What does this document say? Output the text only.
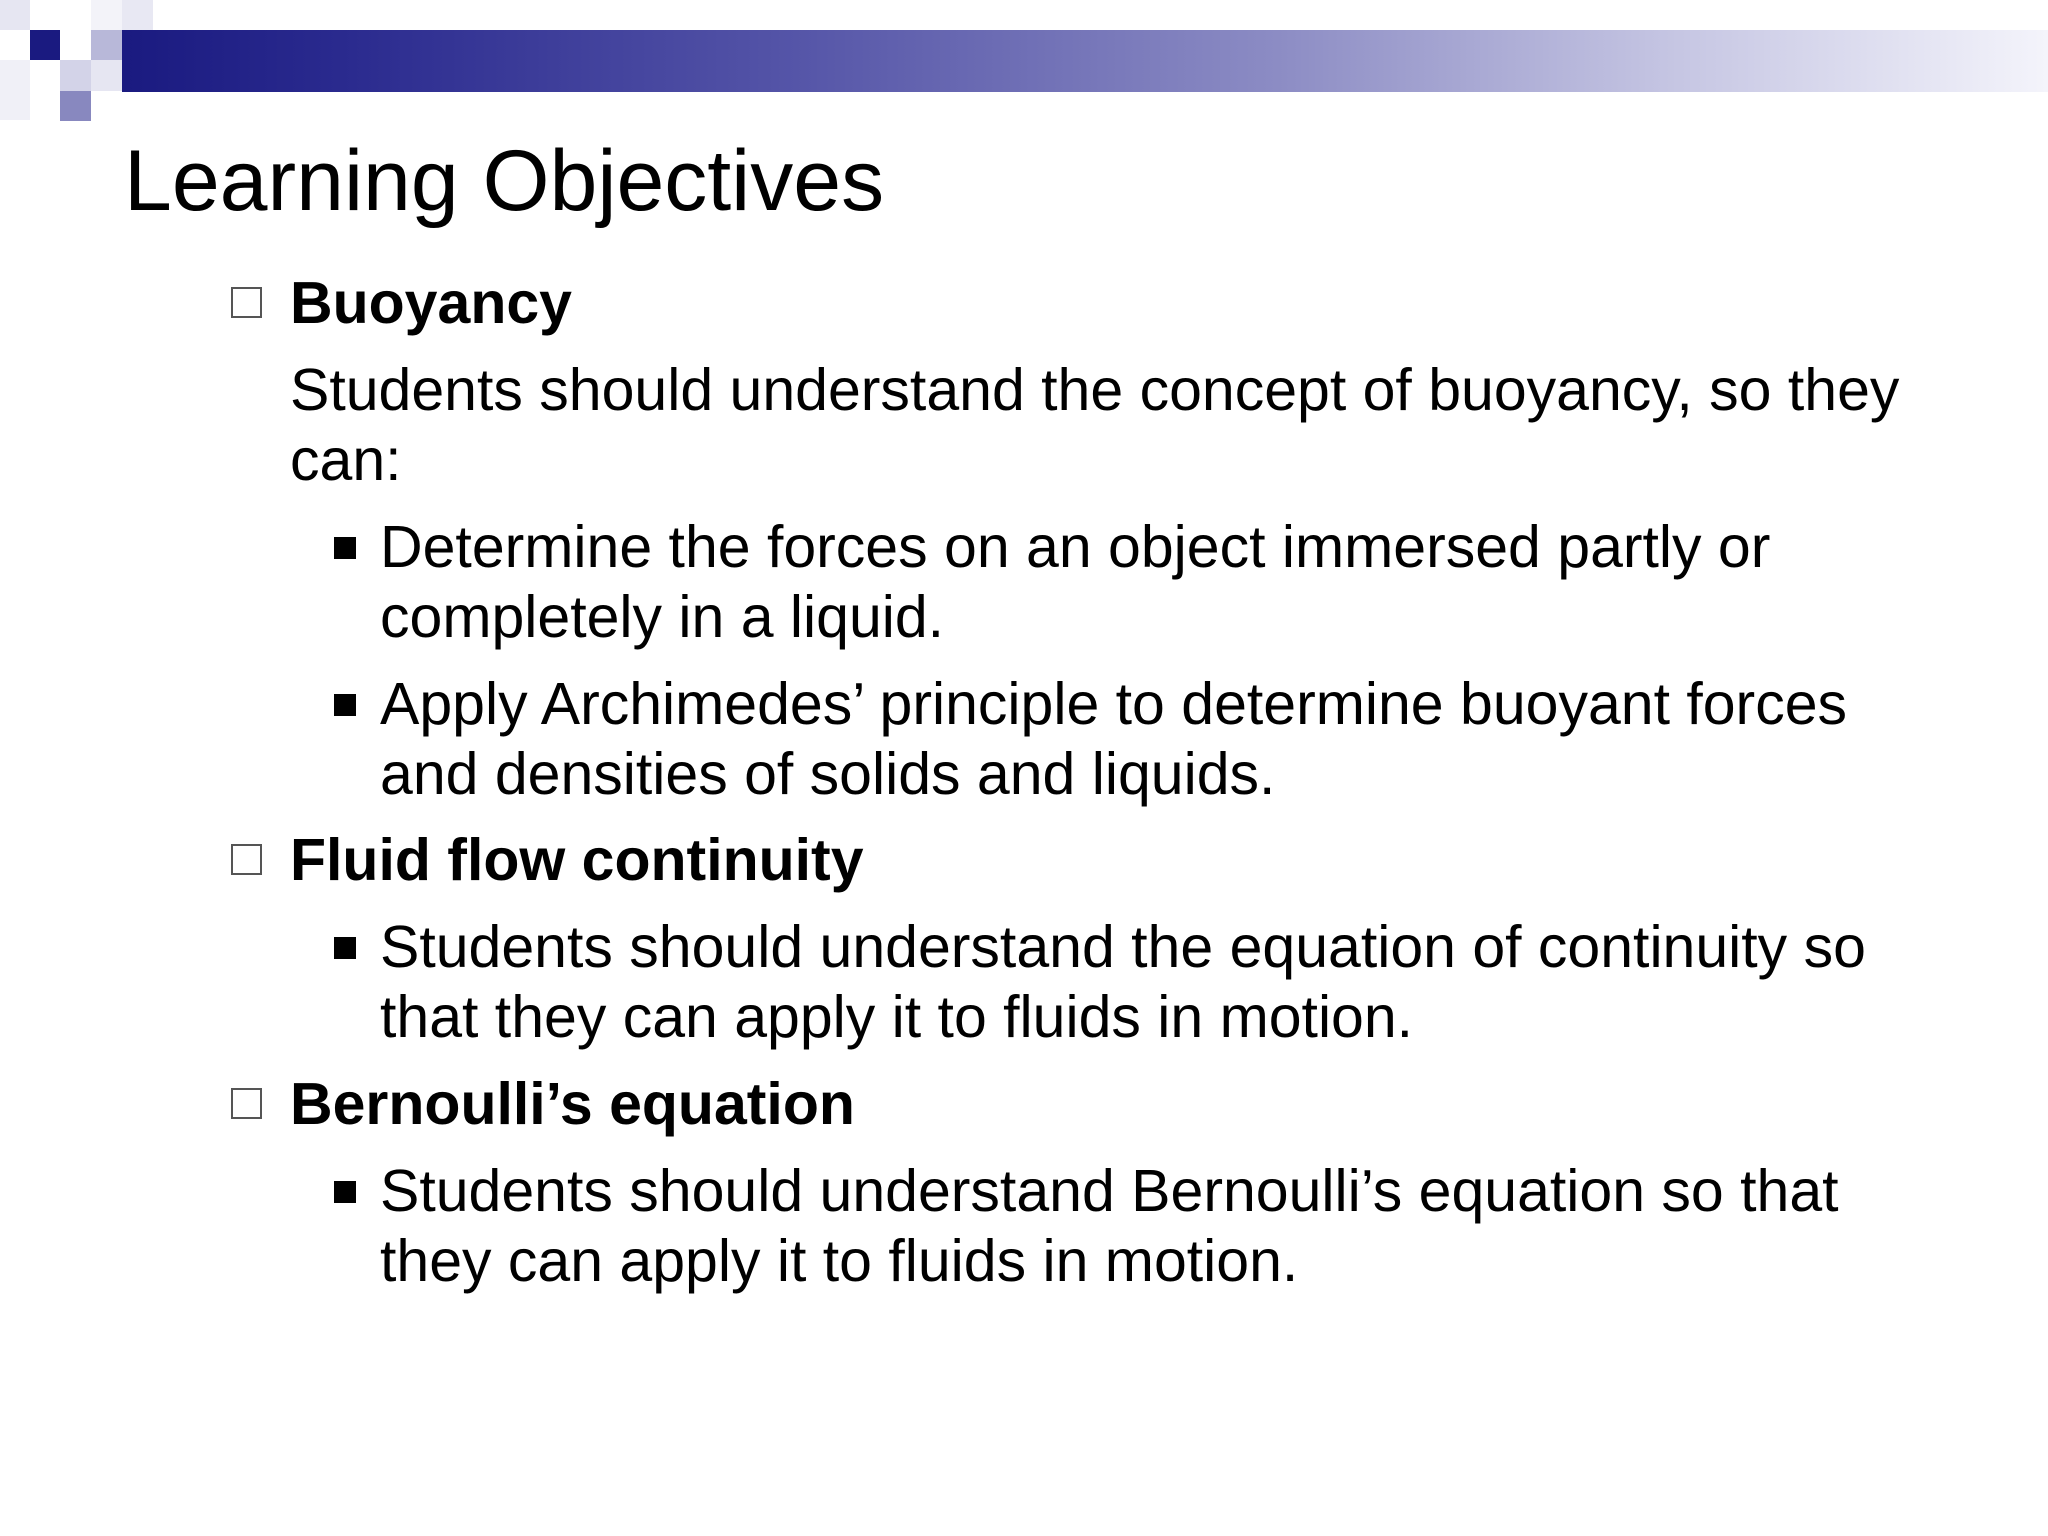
Learning Objectives
Buoyancy
Students should understand the concept of buoyancy, so they can:
Determine the forces on an object immersed partly or completely in a liquid.
Apply Archimedes’ principle to determine buoyant forces and densities of solids and liquids.
Fluid flow continuity
Students should understand the equation of continuity so that they can apply it to fluids in motion.
Bernoulli’s equation
Students should understand Bernoulli’s equation so that they can apply it to fluids in motion.
